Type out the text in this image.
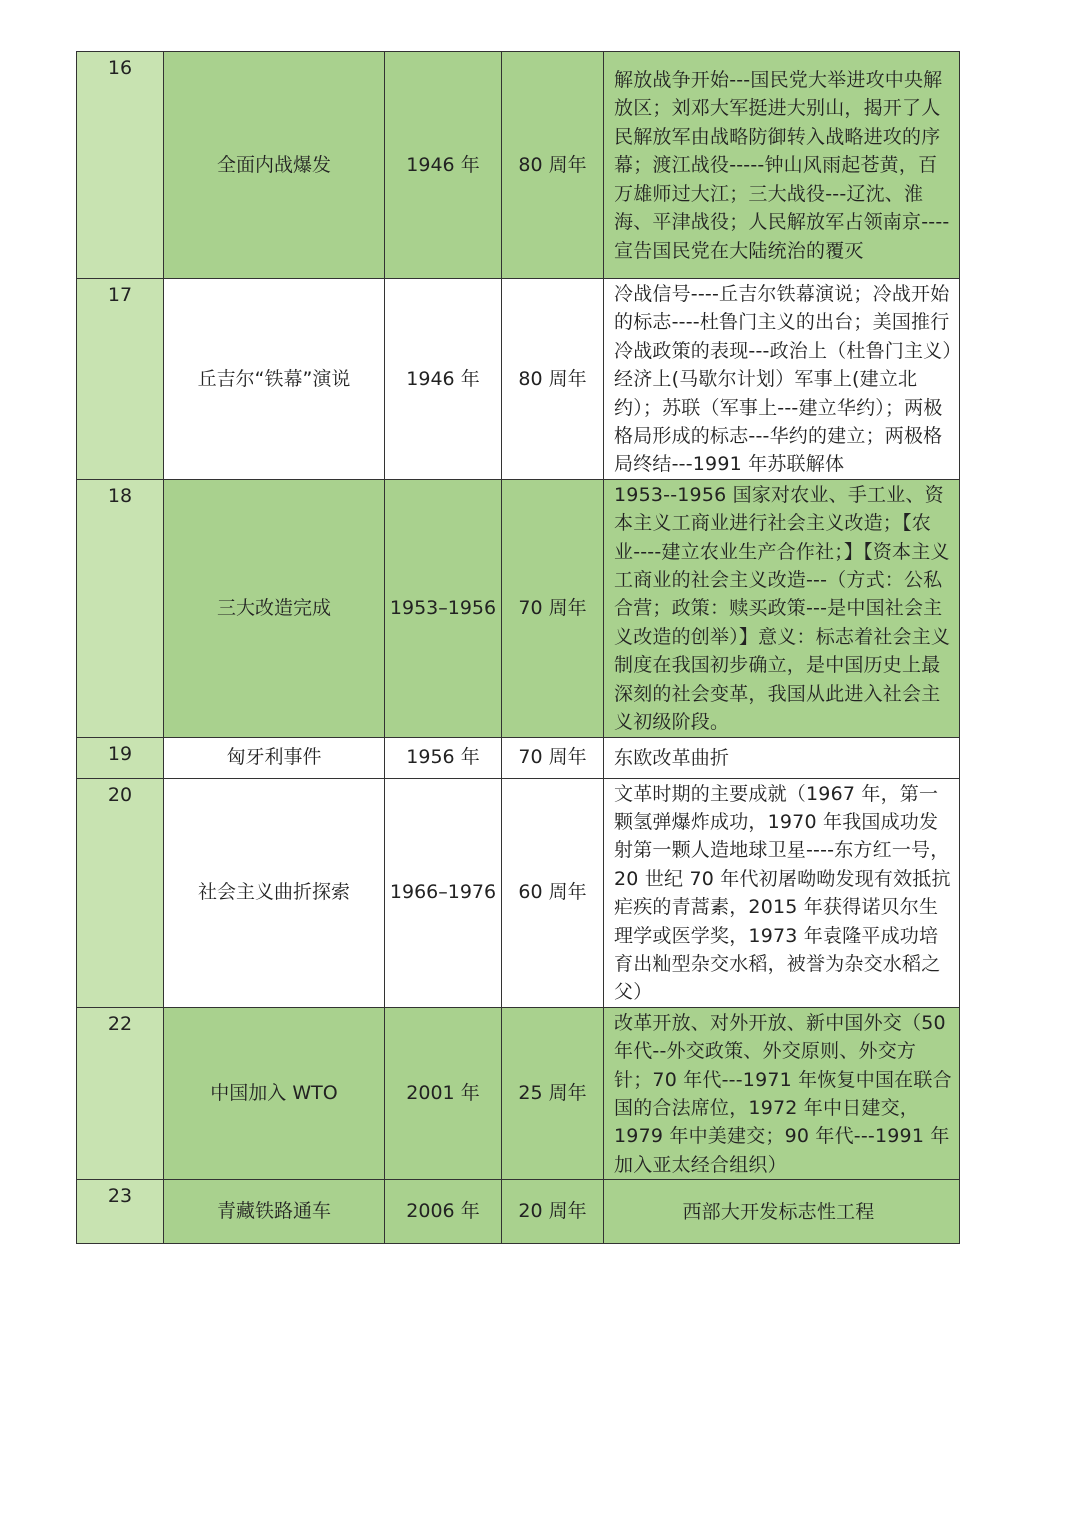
16	全面内战爆发	1946 年	80 周年	解放战争开始---国民党大举进攻中央解放区；刘邓大军挺进大别山，揭开了人民解放军由战略防御转入战略进攻的序幕；渡江战役-----钟山风雨起苍黄，百万雄师过大江；三大战役---辽沈、淮海、平津战役；人民解放军占领南京----宣告国民党在大陆统治的覆灭
17	丘吉尔“铁幕”演说	1946 年	80 周年	冷战信号----丘吉尔铁幕演说；冷战开始的标志----杜鲁门主义的出台；美国推行冷战政策的表现---政治上（杜鲁门主义）经济上(马歇尔计划）军事上(建立北约）；苏联（军事上---建立华约）；两极格局形成的标志---华约的建立；两极格局终结---1991 年苏联解体
18	三大改造完成	1953–1956	70 周年	1953--1956 国家对农业、手工业、资本主义工商业进行社会主义改造；【农业----建立农业生产合作社；】【资本主义工商业的社会主义改造---（方式：公私合营；政策：赎买政策---是中国社会主义改造的创举）】意义：标志着社会主义制度在我国初步确立，是中国历史上最深刻的社会变革，我国从此进入社会主义初级阶段。
19	匈牙利事件	1956 年	70 周年	东欧改革曲折
20	社会主义曲折探索	1966–1976	60 周年	文革时期的主要成就（1967 年，第一颗氢弹爆炸成功，1970 年我国成功发射第一颗人造地球卫星----东方红一号，20 世纪 70 年代初屠呦呦发现有效抵抗疟疾的青蒿素，2015 年获得诺贝尔生理学或医学奖，1973 年袁隆平成功培育出籼型杂交水稻，被誉为杂交水稻之父）
22	中国加入 WTO	2001 年	25 周年	改革开放、对外开放、新中国外交（50 年代--外交政策、外交原则、外交方针；70 年代---1971 年恢复中国在联合国的合法席位，1972 年中日建交，1979 年中美建交；90 年代---1991 年加入亚太经合组织）
23	青藏铁路通车	2006 年	20 周年	西部大开发标志性工程
